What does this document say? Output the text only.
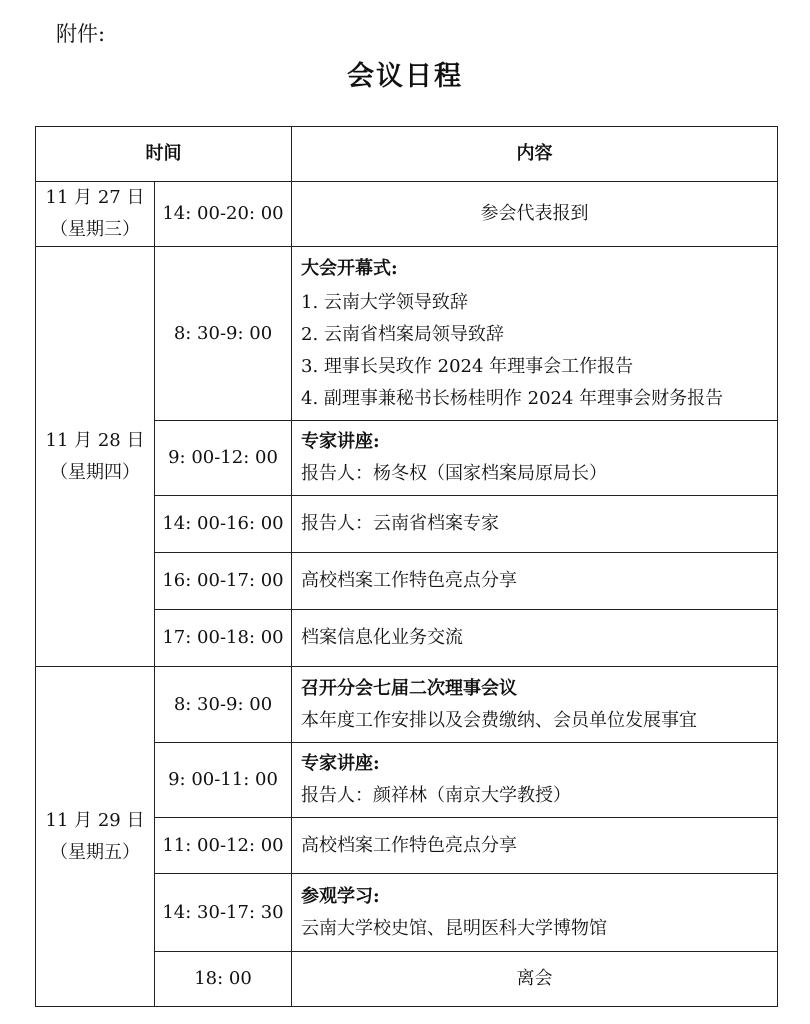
附件:
会议日程
时间		内容

11 月 27 日
（星期三）	14: 00-20: 00	参会代表报到

11 月 28 日
（星期四）	8: 30-9: 00	大会开幕式:
1. 云南大学领导致辞
2. 云南省档案局领导致辞
3. 理事长吴玫作 2024 年理事会工作报告
4. 副理事兼秘书长杨桂明作 2024 年理事会财务报告

	9: 00-12: 00	专家讲座:
报告人：杨冬权（国家档案局原局长）

	14: 00-16: 00	报告人：云南省档案专家
	16: 00-17: 00	高校档案工作特色亮点分享
	17: 00-18: 00	档案信息化业务交流

11 月 29 日
（星期五）	8: 30-9: 00	召开分会七届二次理事会议
本年度工作安排以及会费缴纳、会员单位发展事宜

	9: 00-11: 00	专家讲座:
报告人：颜祥林（南京大学教授）

	11: 00-12: 00	高校档案工作特色亮点分享
	14: 30-17: 30	参观学习:
云南大学校史馆、昆明医科大学博物馆

	18: 00	离会
